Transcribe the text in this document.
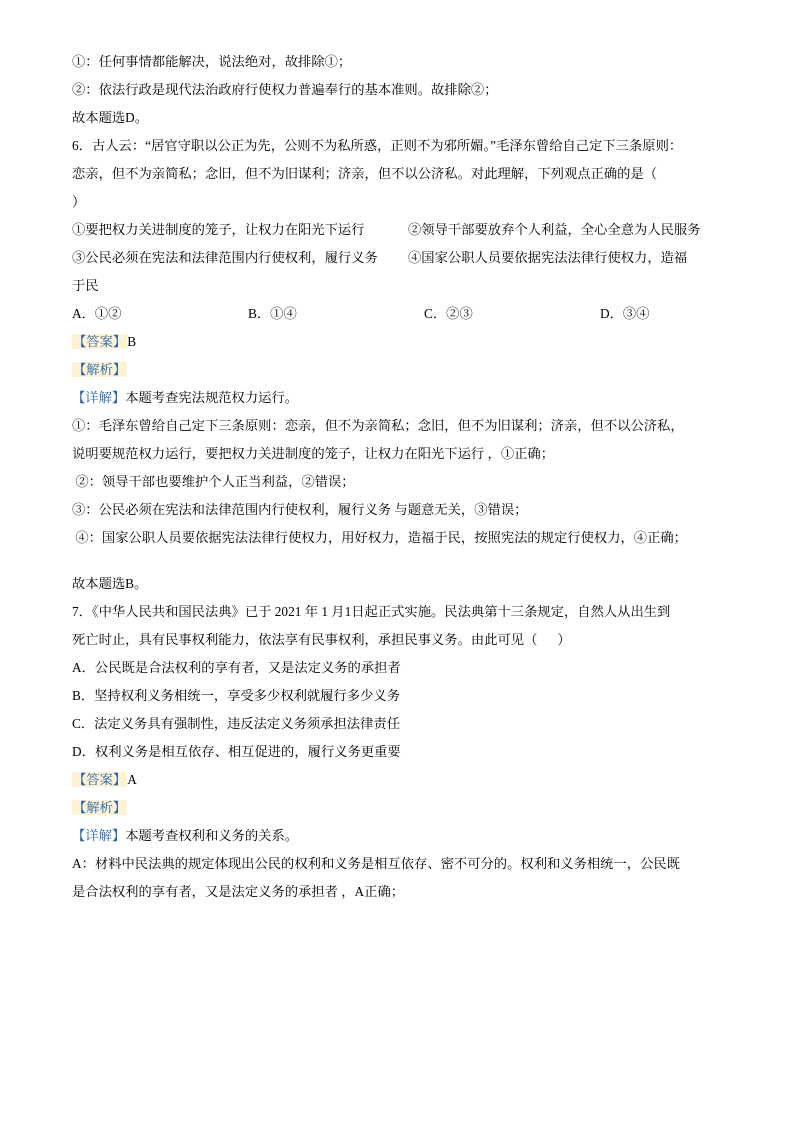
①：任何事情都能解决，说法绝对，故排除①；
②：依法行政是现代法治政府行使权力普遍奉行的基本准则。故排除②；
故本题选D。
6．古人云：“居官守职以公正为先，公则不为私所惑，正则不为邪所媚。”毛泽东曾给自己定下三条原则：
恋亲，但不为亲简私；念旧，但不为旧谋利；济亲，但不以公济私。对此理解，下列观点正确的是（
）
①要把权力关进制度的笼子，让权力在阳光下运行	②领导干部要放弃个人利益，全心全意为人民服务
③公民必须在宪法和法律范围内行使权利，履行义务	④国家公职人员要依据宪法法律行使权力，造福
于民
A．①②	B．①④	C．②③	D．③④
【答案】B
【解析】
【详解】本题考查宪法规范权力运行。
①：毛泽东曾给自己定下三条原则：恋亲，但不为亲简私；念旧，但不为旧谋利；济亲，但不以公济私，
说明要规范权力运行，要把权力关进制度的笼子，让权力在阳光下运行 ，①正确；
②：领导干部也要维护个人正当利益，②错误；
③：公民必须在宪法和法律范围内行使权利，履行义务 与题意无关，③错误；
④：国家公职人员要依据宪法法律行使权力，用好权力，造福于民，按照宪法的规定行使权力，④正确；
故本题选B。
7．《中华人民共和国民法典》已于 2021 年 1 月1日起正式实施。民法典第十三条规定，自然人从出生到
死亡时止，具有民事权利能力，依法享有民事权利，承担民事义务。由此可见（      ）
A．公民既是合法权利的享有者，又是法定义务的承担者
B．坚持权利义务相统一，享受多少权利就履行多少义务
C．法定义务具有强制性，违反法定义务须承担法律责任
D．权利义务是相互依存、相互促进的，履行义务更重要
【答案】A
【解析】
【详解】本题考查权利和义务的关系。
A：材料中民法典的规定体现出公民的权利和义务是相互依存、密不可分的。权利和义务相统一，公民既
是合法权利的享有者，又是法定义务的承担者 ，A正确；
